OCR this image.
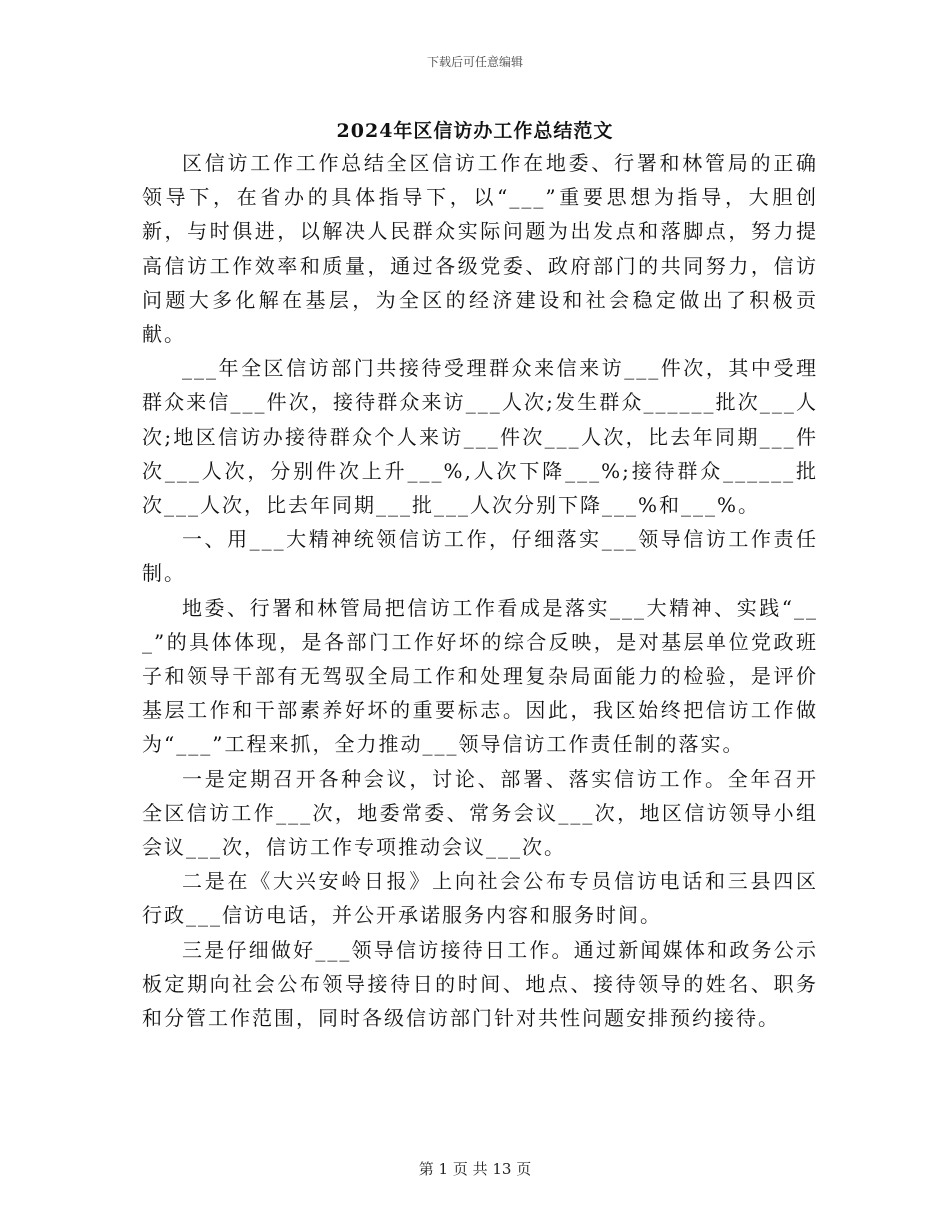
下载后可任意编辑
2024年区信访办工作总结范文

区信访工作工作总结全区信访工作在地委、行署和林管局的正确领导下，在省办的具体指导下，以“___”重要思想为指导，大胆创新，与时俱进，以解决人民群众实际问题为出发点和落脚点，努力提高信访工作效率和质量，通过各级党委、政府部门的共同努力，信访问题大多化解在基层，为全区的经济建设和社会稳定做出了积极贡献。

___年全区信访部门共接待受理群众来信来访___件次，其中受理群众来信___件次，接待群众来访___人次;发生群众______批次___人次;地区信访办接待群众个人来访___件次___人次，比去年同期___件次___人次，分别件次上升___%,人次下降___%;接待群众______批次___人次，比去年同期___批___人次分别下降___%和___%。

一、用___大精神统领信访工作，仔细落实___领导信访工作责任制。

地委、行署和林管局把信访工作看成是落实___大精神、实践“___”的具体体现，是各部门工作好坏的综合反映，是对基层单位党政班子和领导干部有无驾驭全局工作和处理复杂局面能力的检验，是评价基层工作和干部素养好坏的重要标志。因此，我区始终把信访工作做为“___”工程来抓，全力推动___领导信访工作责任制的落实。

一是定期召开各种会议，讨论、部署、落实信访工作。全年召开全区信访工作___次，地委常委、常务会议___次，地区信访领导小组会议___次，信访工作专项推动会议___次。

二是在《大兴安岭日报》上向社会公布专员信访电话和三县四区行政___信访电话，并公开承诺服务内容和服务时间。

三是仔细做好___领导信访接待日工作。通过新闻媒体和政务公示板定期向社会公布领导接待日的时间、地点、接待领导的姓名、职务和分管工作范围，同时各级信访部门针对共性问题安排预约接待。

第 1 页 共 13 页
